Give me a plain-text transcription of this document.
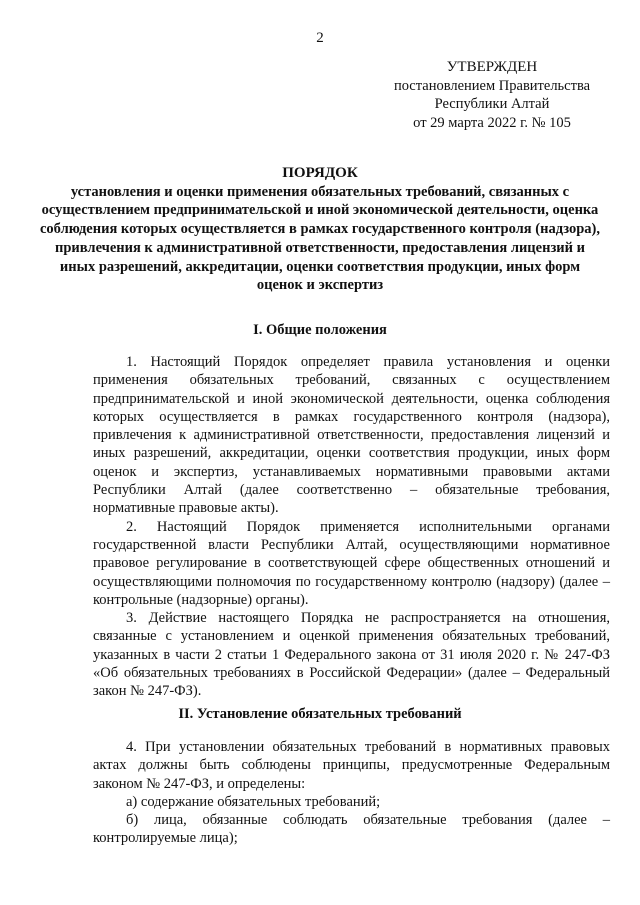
2
УТВЕРЖДЕН
постановлением Правительства
Республики Алтай
от 29 марта 2022 г. № 105
ПОРЯДОК
установления и оценки применения обязательных требований, связанных с осуществлением предпринимательской и иной экономической деятельности, оценка соблюдения которых осуществляется в рамках государственного контроля (надзора), привлечения к административной ответственности, предоставления лицензий и иных разрешений, аккредитации, оценки соответствия продукции, иных форм оценок и экспертиз
I. Общие положения

1. Настоящий Порядок определяет правила установления и оценки применения обязательных требований, связанных с осуществлением предпринимательской и иной экономической деятельности, оценка соблюдения которых осуществляется в рамках государственного контроля (надзора), привлечения к административной ответственности, предоставления лицензий и иных разрешений, аккредитации, оценки соответствия продукции, иных форм оценок и экспертиз, устанавливаемых нормативными правовыми актами Республики Алтай (далее соответственно – обязательные требования, нормативные правовые акты).

2. Настоящий Порядок применяется исполнительными органами государственной власти Республики Алтай, осуществляющими нормативное правовое регулирование в соответствующей сфере общественных отношений и осуществляющими полномочия по государственному контролю (надзору) (далее – контрольные (надзорные) органы).

3. Действие настоящего Порядка не распространяется на отношения, связанные с установлением и оценкой применения обязательных требований, указанных в части 2 статьи 1 Федерального закона от 31 июля 2020 г. № 247-ФЗ «Об обязательных требованиях в Российской Федерации» (далее – Федеральный закон № 247-ФЗ).

II. Установление обязательных требований

4. При установлении обязательных требований в нормативных правовых актах должны быть соблюдены принципы, предусмотренные Федеральным законом № 247-ФЗ, и определены:

а) содержание обязательных требований;

б) лица, обязанные соблюдать обязательные требования (далее – контролируемые лица);
